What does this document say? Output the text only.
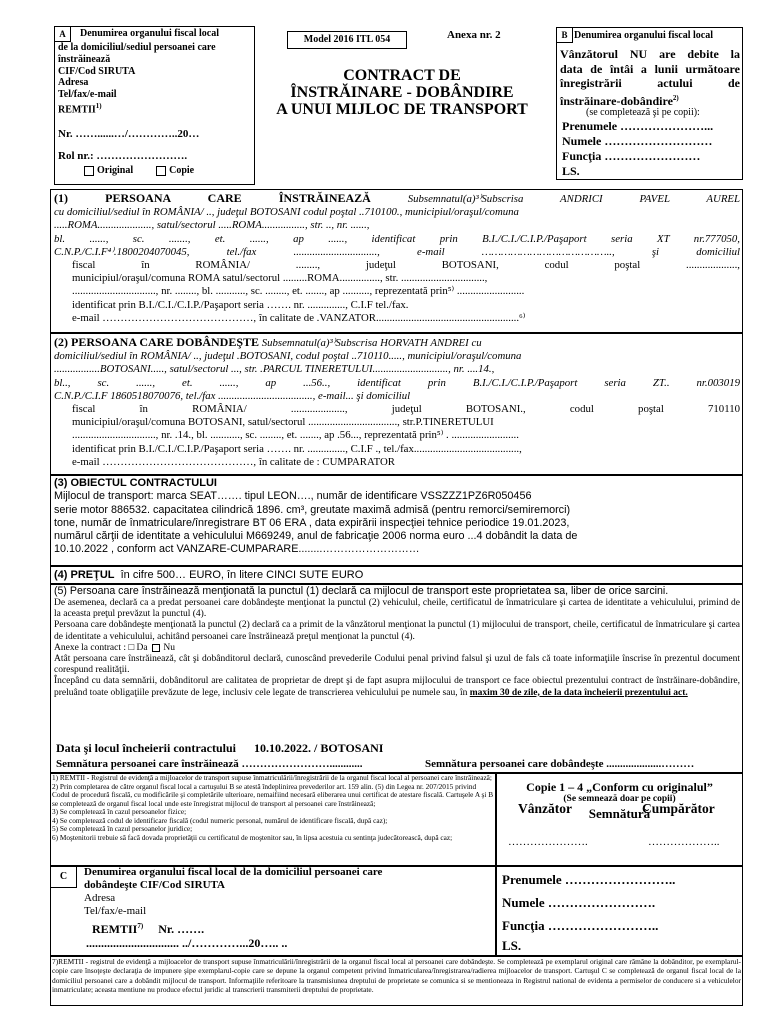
A	Denumirea organului fiscal local
de la domiciliul/sediul persoanei care
înstrăinează
CIF/Cod SIRUTA
Adresa
Tel/fax/e-mail
REMTII$^{1)}$
Nr. ……......…/…………..20…
Rol nr.: …………………….
Original	Copie
Model 2016 ITL 054	Anexa nr. 2
CONTRACT DE
ÎNSTRĂINARE - DOBÂNDIRE
A UNUI MIJLOC DE TRANSPORT
B Denumirea organului fiscal local
Vânzătorul NU are debite la
data de întâi a lunii următoare
înregistrării actului de
înstrăinare-dobândire$^{2)}$
(se completează şi pe copii):
Prenumele …………………...
Numele ………………………
Funcţia ……………………
LS.
(1) PERSOANA CARE ÎNSTRĂINEAZĂ	Subsemnatul(a)³⁾Subscrisa ANDRICI PAVEL AUREL
cu domiciliul/sediul în ROMÂNIA/ .., judeţul BOTOSANI codul poştal ..710100., municipiul/oraşul/comuna
.....ROMA...................., satul/sectorul .....ROMA................, str. .., nr. ......,
bl. ......, sc. ......., et. ......, ap ......, identificat prin B.I./C.I./C.I.P./Paşaport seria XT nr.777050,
C.N.P./C.I.F⁴⁾.1800204070045, tel./fax ..............................., e-mail ………………………………….., şi domiciliul
fiscal în ROMÂNIA/ ........, judeţul BOTOSANI, codul poştal ...................,
municipiul/oraşul/comuna ROMA satul/sectorul .........ROMA..............., str. ...............................,
..............................., nr. ........, bl. ..........., sc. ........, et. ......., ap .........., reprezentată prin⁵⁾ .........................
identificat prin B.I./C.I./C.I.P./Paşaport seria ……. nr. .............., C.I.F tel./fax.
e-mail ……………………………………, în calitate de .VANZATOR.....................................................⁶⁾
(2) PERSOANA CARE DOBÂNDEŞTE Subsemnatul(a)³⁾Subscrisa HORVATH ANDREI cu
domiciliul/sediul în ROMÂNIA/ .., judeţul .BOTOSANI, codul poştal ..710110....., municipiul/oraşul/comuna
.................BOTOSANI....., satul/sectorul ..., str. .PARCUL TINERETULUI............................, nr. ....14.,
bl.., sc. ......, et. ......, ap ...56.., identificat prin B.I./C.I./C.I.P./Paşaport seria ZT.. nr.003019
C.N.P./C.I.F 1860518070076, tel./fax ..................................., e-mail... şi domiciliul
fiscal în ROMÂNIA/ ...................., judeţul BOTOSANI., codul poştal 710110
municipiul/oraşul/comuna BOTOSANI, satul/sectorul ................................., str.P.TINERETULUI
..............................., nr. .14., bl. ..........., sc. ........, et. ......., ap .56..., reprezentată prin⁵⁾ . .........................
identificat prin B.I./C.I./C.I.P./Paşaport seria ……. nr. .............., C.I.F ., tel./fax.......................................,
e-mail ……………………………………, în calitate de : CUMPARATOR
(3) OBIECTUL CONTRACTULUI
Mijlocul de transport: marca SEAT……. tipul LEON…., număr de identificare VSSZZZ1PZ6R050456
serie motor 886532. capacitatea cilindrică 1896. cm³, greutate maximă admisă (pentru remorci/semiremorci)
tone, număr de înmatriculare/înregistrare BT 06 ERA , data expirării inspecţiei tehnice periodice 19.01.2023,
numărul cărţii de identitate a vehiculului M669249, anul de fabricaţie 2006 norma euro ...4 dobândit la data de
10.10.2022 , conform act VANZARE-CUMPARARE........………………………
(4) PREŢUL în cifre 500… EURO, în litere CINCI SUTE EURO
(5) Persoana care înstrăinează menţionată la punctul (1) declară ca mijlocul de transport este proprietatea sa, liber de orice sarcini.
De asemenea, declară ca a predat persoanei care dobândeşte menţionat la punctul (2) vehiculul, cheile, certificatul de înmatriculare şi cartea de identitate a vehiculului, primind de la aceasta preţul prevăzut la punctul (4).
Persoana care dobândeşte menţionată la punctul (2) declară ca a primit de la vânzătorul menţionat la punctul (1) mijlocului de transport, cheile, certificatul de înmatriculare şi cartea de identitate a vehiculului, achitând persoanei care înstrăinează preţul menţionat la punctul (4).
Anexe la contract : □ Da Nu
Atât persoana care înstrăinează, cât şi dobânditorul declară, cunoscând prevederile Codului penal privind falsul şi uzul de fals că toate informaţiile înscrise în prezentul document corespund realităţii.
Începând cu data semnării, dobânditorul are calitatea de proprietar de drept şi de fapt asupra mijlocului de transport ce face obiectul prezentului contract de înstrăinare-dobândire, preluând toate obligaţiile prevăzute de lege, inclusiv cele legate de transcrierea vehiculului pe numele sau, în maxim 30 de zile, de la data încheierii prezentului act.
Data şi locul încheierii contractului 10.10.2022. / BOTOSANI
Semnătura persoanei care înstrăinează ……………………............	Semnătura persoanei care dobândeşte ....................………
1) REMTII - Registrul de evidenţă a mijloacelor de transport supuse înmatriculării/înregistrării de la organul fiscal local al persoanei care înstrăinează;
2) Prin completarea de către organul fiscal local a cartuşului B se atestă îndeplinirea prevederilor art. 159 alin. (5) din Legea nr. 207/2015 privind Codul de procedură fiscală, cu modificările şi completările ulterioare, nemaifiind necesară eliberarea unui certificat de atestare fiscală. Cartuşele A şi B se completează de organul fiscal local unde este înregistrat mijlocul de transport al persoanei care înstrăinează;
3) Se completează în cazul persoanelor fizice;
4) Se completează codul de identificare fiscală (codul numeric personal, numărul de identificare fiscală, după caz);
5) Se completează în cazul persoanelor juridice;
6) Moştenitorii trebuie să facă dovada proprietăţii cu certificatul de moştenitor sau, în lipsa acestuia cu sentinţa judecătorească, după caz;
Copie 1 – 4 „Conform cu originalul”
(Se semnează doar pe copii)
Semnătură
Vânzător	Cumpărător
………………….	………………..
C	Denumirea organului fiscal local de la domiciliul persoanei care
dobândeşte CIF/Cod SIRUTA
Adresa
Tel/fax/e-mail
REMTII$^{7)}$ Nr. …….
............................... ../…………...20….. ..
Prenumele ……………………..
Numele …………………….
Funcţia ……………………..
LS.
7)REMTII - registrul de evidenţă a mijloacelor de transport supuse înmatriculării/înregistrării de la organul fiscal local al persoanei care dobândeşte. Se completează pe exemplarul original care rămâne la dobânditor, pe exemplarul-copie care însoţeşte declaraţia de impunere şipe exemplarul-copie care se depune la organul competent privind înmatricularea/înregistrarea/radierea mijloacelor de transport. Cartuşul C se completează de organul fiscal local de la domiciliul persoanei care a dobândit mijlocul de transport. Informaţiile referitoare la transmisiunea dreptului de proprietate se comunica si se mentioneaza in Registrul national de evidenta a permiselor de conducere si a vehiculelor inmatriculate; aceasta mentiune nu produce efectul juridic al transcrierii transmiterii dreptului de proprietate.
